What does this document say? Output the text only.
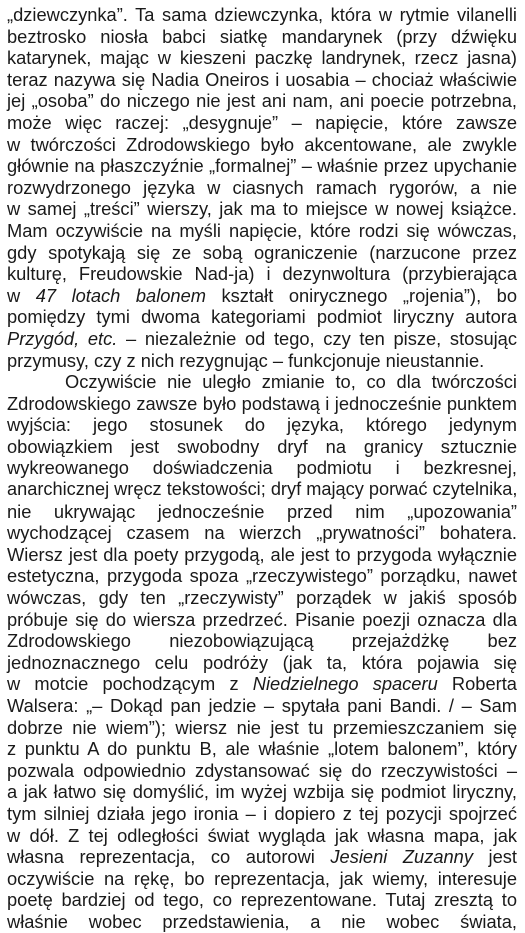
„dziewczynka”. Ta sama dziewczynka, która w rytmie vilanelli
beztrosko niosła babci siatkę mandarynek (przy dźwięku
katarynek, mając w kieszeni paczkę landrynek, rzecz jasna)
teraz nazywa się Nadia Oneiros i uosabia – chociaż właściwie
jej „osoba” do niczego nie jest ani nam, ani poecie potrzebna,
może więc raczej: „desygnuje” – napięcie, które zawsze
w twórczości Zdrodowskiego było akcentowane, ale zwykle
głównie na płaszczyźnie „formalnej” – właśnie przez upychanie
rozwydrzonego języka w ciasnych ramach rygorów, a nie
w samej „treści” wierszy, jak ma to miejsce w nowej książce.
Mam oczywiście na myśli napięcie, które rodzi się wówczas,
gdy spotykają się ze sobą ograniczenie (narzucone przez
kulturę, Freudowskie Nad-ja) i dezynwoltura (przybierająca
w 47 lotach balonem kształt onirycznego „rojenia”), bo
pomiędzy tymi dwoma kategoriami podmiot liryczny autora
Przygód, etc. – niezależnie od tego, czy ten pisze, stosując
przymusy, czy z nich rezygnując – funkcjonuje nieustannie.
Oczywiście nie uległo zmianie to, co dla twórczości
Zdrodowskiego zawsze było podstawą i jednocześnie punktem
wyjścia: jego stosunek do języka, którego jedynym
obowiązkiem jest swobodny dryf na granicy sztucznie
wykreowanego doświadczenia podmiotu i bezkresnej,
anarchicznej wręcz tekstowości; dryf mający porwać czytelnika,
nie ukrywając jednocześnie przed nim „upozowania”
wychodzącej czasem na wierzch „prywatności” bohatera.
Wiersz jest dla poety przygodą, ale jest to przygoda wyłącznie
estetyczna, przygoda spoza „rzeczywistego” porządku, nawet
wówczas, gdy ten „rzeczywisty” porządek w jakiś sposób
próbuje się do wiersza przedrzeć. Pisanie poezji oznacza dla
Zdrodowskiego niezobowiązującą przejażdżkę bez
jednoznacznego celu podróży (jak ta, która pojawia się
w motcie pochodzącym z Niedzielnego spaceru Roberta
Walsera: „– Dokąd pan jedzie – spytała pani Bandi. / – Sam
dobrze nie wiem”); wiersz nie jest tu przemieszczaniem się
z punktu A do punktu B, ale właśnie „lotem balonem”, który
pozwala odpowiednio zdystansować się do rzeczywistości –
a jak łatwo się domyślić, im wyżej wzbija się podmiot liryczny,
tym silniej działa jego ironia – i dopiero z tej pozycji spojrzeć
w dół. Z tej odległości świat wygląda jak własna mapa, jak
własna reprezentacja, co autorowi Jesieni Zuzanny jest
oczywiście na rękę, bo reprezentacja, jak wiemy, interesuje
poetę bardziej od tego, co reprezentowane. Tutaj zresztą to
właśnie wobec przedstawienia, a nie wobec świata,
